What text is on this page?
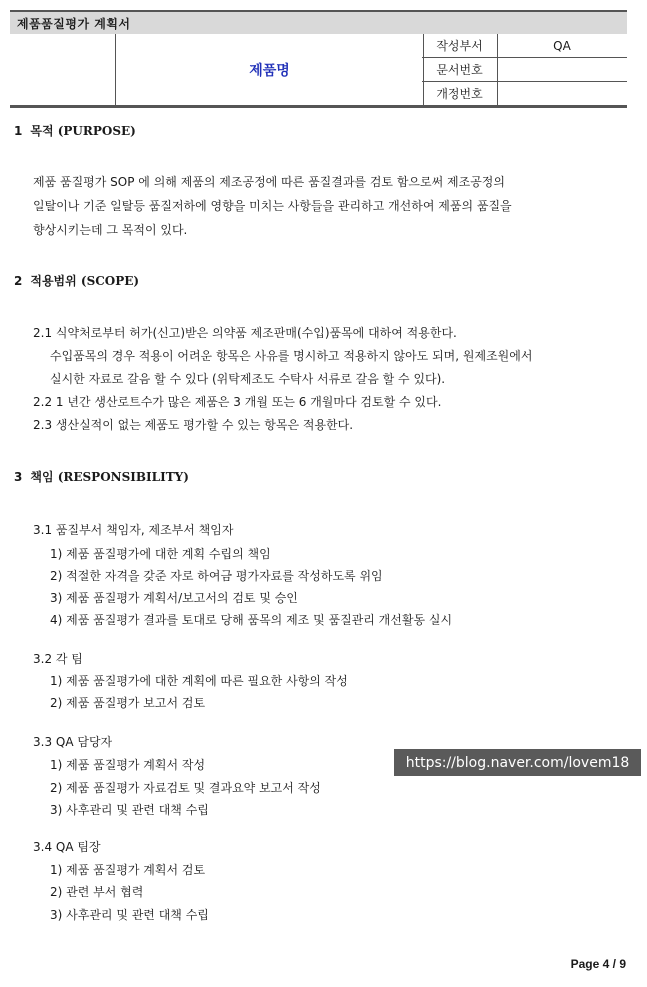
제품품질평가 계획서
제품명
작성부서	QA
문서번호
개정번호
1 목적 (PURPOSE)
제품 품질평가 SOP 에 의해 제품의 제조공정에 따른 품질결과를 검토 함으로써 제조공정의
일탈이나 기준 일탈등 품질저하에 영향을 미치는 사항들을 관리하고 개선하여 제품의 품질을
향상시키는데 그 목적이 있다.
2 적용범위 (SCOPE)
2.1 식약처로부터 허가(신고)받은 의약품 제조판매(수입)품목에 대하여 적용한다.
수입품목의 경우 적용이 어려운 항목은 사유를 명시하고 적용하지 않아도 되며, 원제조원에서
실시한 자료로 갈음 할 수 있다 (위탁제조도 수탁사 서류로 갈음 할 수 있다).
2.2 1 년간 생산로트수가 많은 제품은 3 개월 또는 6 개월마다 검토할 수 있다.
2.3 생산실적이 없는 제품도 평가할 수 있는 항목은 적용한다.
3 책임 (RESPONSIBILITY)
3.1 품질부서 책임자, 제조부서 책임자
1) 제품 품질평가에 대한 계획 수립의 책임
2) 적절한 자격을 갖준 자로 하여금 평가자료를 작성하도록 위임
3) 제품 품질평가 계획서/보고서의 검토 및 승인
4) 제품 품질평가 결과를 토대로 당해 품목의 제조 및 품질관리 개선활동 실시
3.2 각 팀
1) 제품 품질평가에 대한 계획에 따른 필요한 사항의 작성
2) 제품 품질평가 보고서 검토
3.3 QA 담당자
1) 제품 품질평가 계획서 작성
2) 제품 품질평가 자료검토 및 결과요약 보고서 작성
3) 사후관리 및 관련 대책 수립
3.4 QA 팀장
1) 제품 품질평가 계획서 검토
2) 관련 부서 협력
3) 사후관리 및 관련 대책 수립
https://blog.naver.com/lovem18
Page 4 / 9
